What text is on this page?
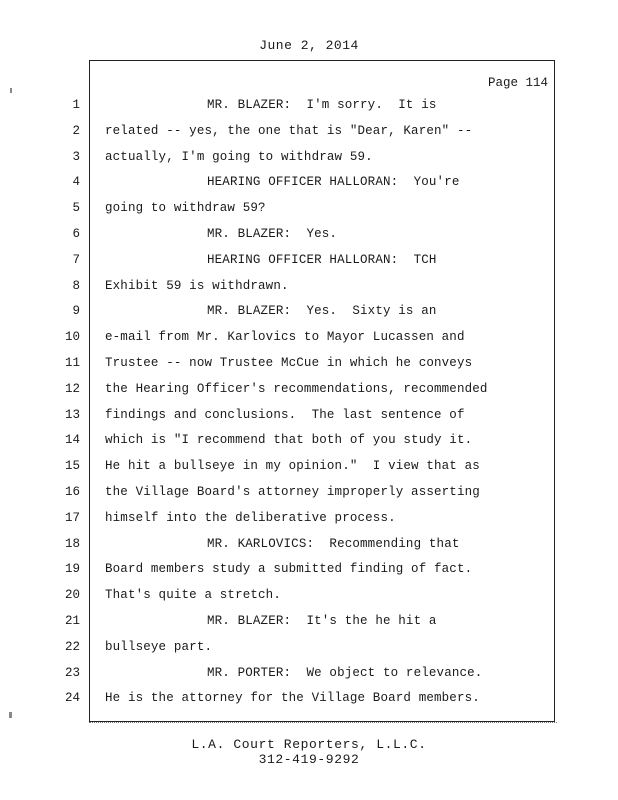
June 2, 2014
Page 114
1	MR. BLAZER:  I'm sorry.  It is
2 related -- yes, the one that is "Dear, Karen" --
3 actually, I'm going to withdraw 59.
4	HEARING OFFICER HALLORAN:  You're
5 going to withdraw 59?
6	MR. BLAZER:  Yes.
7	HEARING OFFICER HALLORAN:  TCH
8 Exhibit 59 is withdrawn.
9	MR. BLAZER:  Yes.  Sixty is an
10 e-mail from Mr. Karlovics to Mayor Lucassen and
11 Trustee -- now Trustee McCue in which he conveys
12 the Hearing Officer's recommendations, recommended
13 findings and conclusions.  The last sentence of
14 which is "I recommend that both of you study it.
15 He hit a bullseye in my opinion."  I view that as
16 the Village Board's attorney improperly asserting
17 himself into the deliberative process.
18	MR. KARLOVICS:  Recommending that
19 Board members study a submitted finding of fact.
20 That's quite a stretch.
21	MR. BLAZER:  It's the he hit a
22 bullseye part.
23	MR. PORTER:  We object to relevance.
24 He is the attorney for the Village Board members.
L.A. Court Reporters, L.L.C.
312-419-9292
